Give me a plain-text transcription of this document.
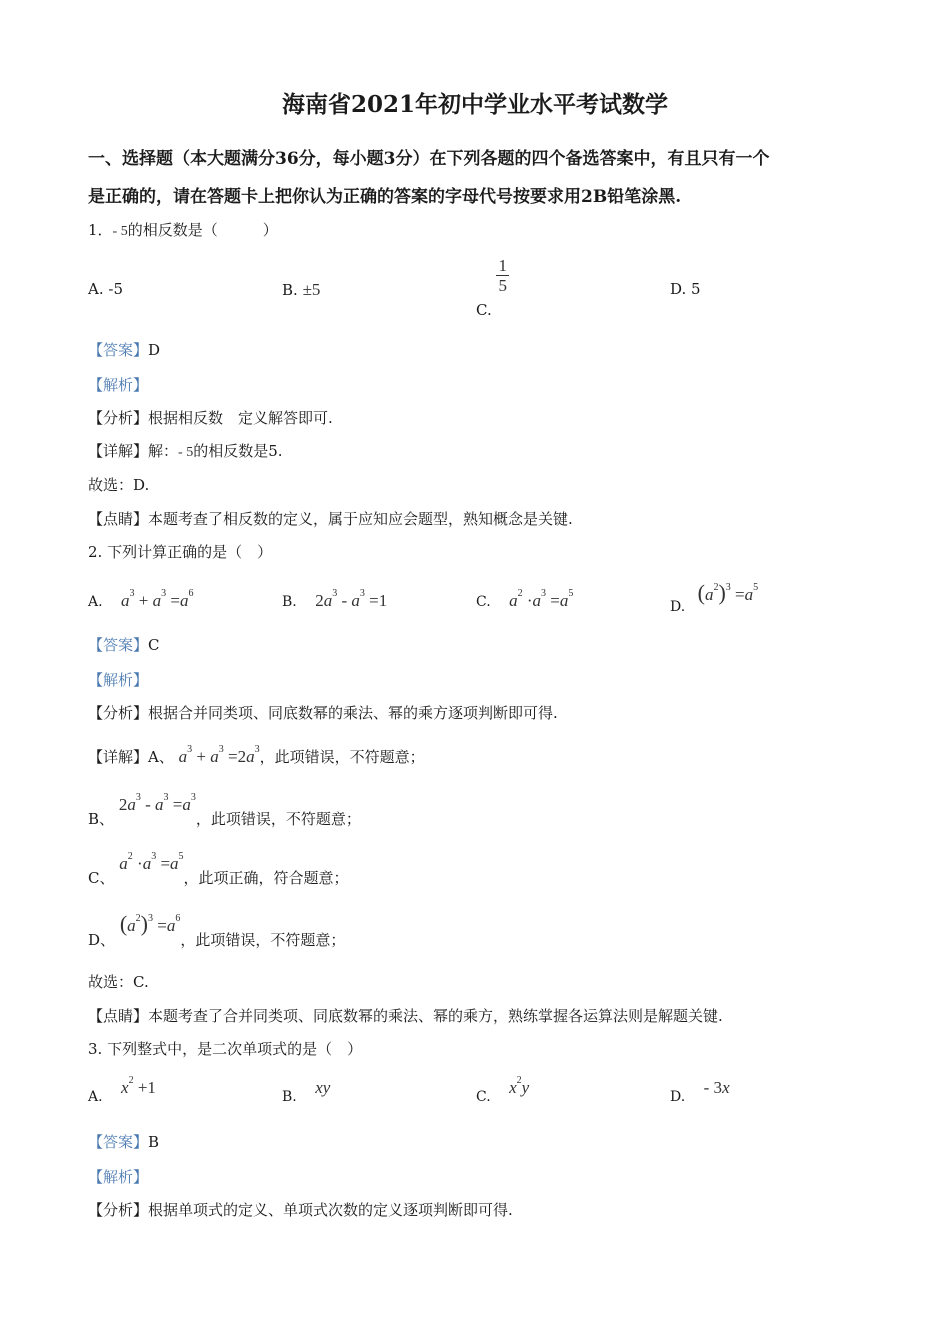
海南省2021年初中学业水平考试数学
一、选择题（本大题满分36分，每小题3分）在下列各题的四个备选答案中，有且只有一个
是正确的，请在答题卡上把你认为正确的答案的字母代号按要求用2B铅笔涂黑.
1．- 5的相反数是（　　　）
A. -5	B. ±5
C.
$\frac{1}{5}$	D. 5
【答案】D
【解析】
【分析】根据相反数　定义解答即可.
【详解】解：- 5的相反数是5.
故选：D.
【点睛】本题考查了相反数的定义，属于应知应会题型，熟知概念是关键.
2. 下列计算正确的是（　）
A. $a^3 + a^3 =a^6$
B. $2a^3 - a^3 =1$	C. $a^2 \cdot a^3 =a^5$
D. $(a^2)^3 =a^5$
【答案】C
【解析】
【分析】根据合并同类项、同底数幂的乘法、幂的乘方逐项判断即可得.
【详解】A、 $a^3 + a^3 =2a^3$，此项错误，不符题意；
B、 $2a^3 - a^3 =a^3$，此项错误，不符题意；
C、 $a^2 \cdot a^3 =a^5$，此项正确，符合题意；
D、 $(a^2)^3 =a^6$，此项错误，不符题意；
故选：C.
【点睛】本题考查了合并同类项、同底数幂的乘法、幂的乘方，熟练掌握各运算法则是解题关键.
3. 下列整式中，是二次单项式的是（　）
A. $x^2 +1$	B. xy	C. $x^2y$	D. - 3x
【答案】B
【解析】
【分析】根据单项式的定义、单项式次数的定义逐项判断即可得.
